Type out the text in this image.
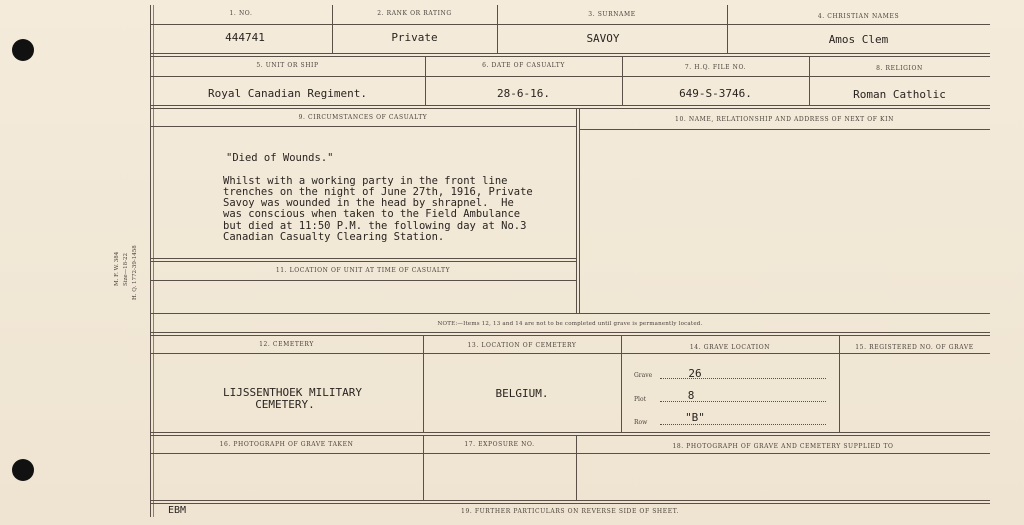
M. F. W. 384 Size—18-22 H. Q. 1772-39-1458
1. NO.	2. RANK OR RATING	3. SURNAME	4. CHRISTIAN NAMES
444741	Private	SAVOY	Amos Clem
5. UNIT OR SHIP	6. DATE OF CASUALTY	7. H.Q. FILE NO.	8. RELIGION
Royal Canadian Regiment.	28-6-16.	649-S-3746.	Roman Catholic
9. CIRCUMSTANCES OF CASUALTY	10. NAME, RELATIONSHIP AND ADDRESS OF NEXT OF KIN
"Died of Wounds."
Whilst with a working party in the front line
trenches on the night of June 27th, 1916, Private
Savoy was wounded in the head by shrapnel.  He
was conscious when taken to the Field Ambulance
but died at 11:50 P.M. the following day at No.3
Canadian Casualty Clearing Station.
11. LOCATION OF UNIT AT TIME OF CASUALTY
NOTE:—Items 12, 13 and 14 are not to be completed until grave is permanently located.
12. CEMETERY	13. LOCATION OF CEMETERY	14. GRAVE LOCATION	15. REGISTERED NO. OF GRAVE
LIJSSENTHOEK MILITARY
CEMETERY.
BELGIUM.
Grave	26
Plot	8
Row	"B"
16. PHOTOGRAPH OF GRAVE TAKEN	17. EXPOSURE NO.	18. PHOTOGRAPH OF GRAVE AND CEMETERY SUPPLIED TO
EBM	19. FURTHER PARTICULARS ON REVERSE SIDE OF SHEET.
